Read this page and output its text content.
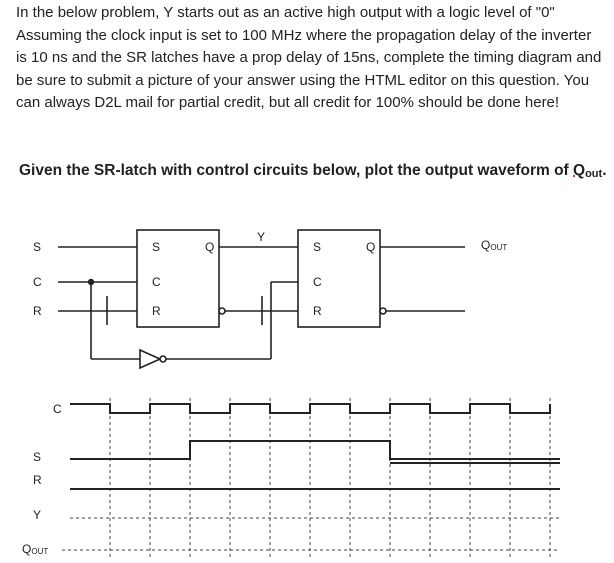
In the below problem, Y starts out as an active high output with a logic level of "0" Assuming the clock input is set to 100 MHz where the propagation delay of the inverter is 10 ns and the SR latches have a prop delay of 15ns, complete the timing diagram and be sure to submit a picture of your answer using the HTML editor on this question. You can always D2L mail for partial credit, but all credit for 100% should be done here!

Given the SR-latch with control circuits below, plot the output waveform of $Q_{out}$.

S
C
R
S
C
R
Q
Y
S
C
R
Q	QOUT
C
S
R
Y
QOUT
